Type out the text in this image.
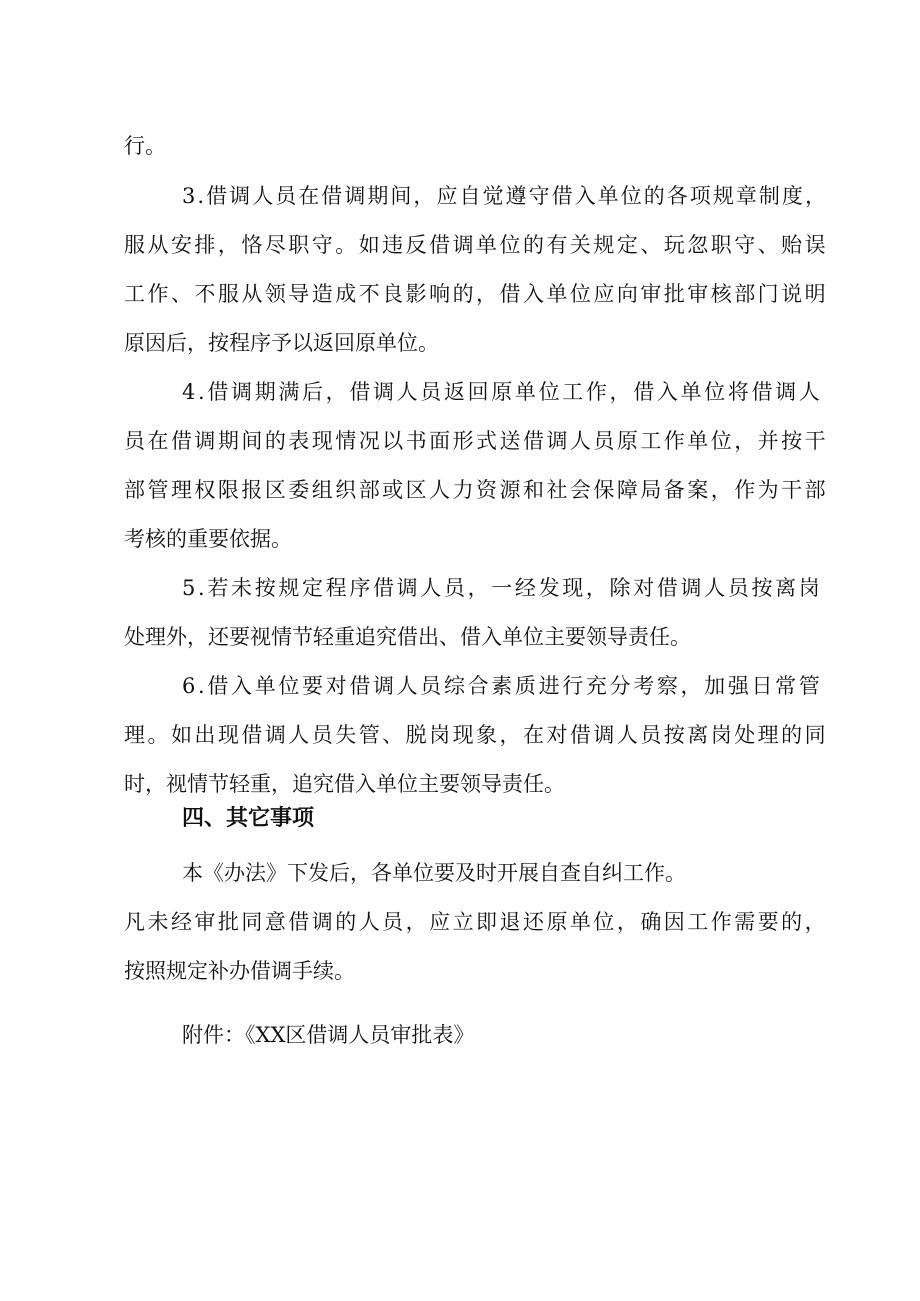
行。
3 . 借 调 人 员 在 借 调 期 间 ， 应 自 觉 遵 守 借 入 单 位 的 各 项 规 章 制 度 ，
服 从 安 排 ， 恪 尽 职 守 。 如 违 反 借 调 单 位 的 有 关 规 定 、 玩 忽 职 守 、 贻 误
工 作 、 不 服 从 领 导 造 成 不 良 影 响 的 ， 借 入 单 位 应 向 审 批 审 核 部 门 说 明
原因后，按程序予以返回原单位。
4 . 借 调 期 满 后 ， 借 调 人 员 返 回 原 单 位 工 作 ， 借 入 单 位 将 借 调 人
员 在 借 调 期 间 的 表 现 情 况 以 书 面 形 式 送 借 调 人 员 原 工 作 单 位 ， 并 按 干
部 管 理 权 限 报 区 委 组 织 部 或 区 人 力 资 源 和 社 会 保 障 局 备 案 ， 作 为 干 部
考核的重要依据。
5 . 若 未 按 规 定 程 序 借 调 人 员 ， 一 经 发 现 ， 除 对 借 调 人 员 按 离 岗
处理外，还要视情节轻重追究借出、借入单位主要领导责任。
6 . 借 入 单 位 要 对 借 调 人 员 综 合 素 质 进 行 充 分 考 察 ， 加 强 日 常 管
理 。 如 出 现 借 调 人 员 失 管 、 脱 岗 现 象 ， 在 对 借 调 人 员 按 离 岗 处 理 的 同
时，视情节轻重，追究借入单位主要领导责任。
四、其它事项
本《办法》下发后，各单位要及时开展自查自纠工作。
凡 未 经 审 批 同 意 借 调 的 人 员 ， 应 立 即 退 还 原 单 位 ， 确 因 工 作 需 要 的 ，
按照规定补办借调手续。
附件：《XX区借调人员审批表》
